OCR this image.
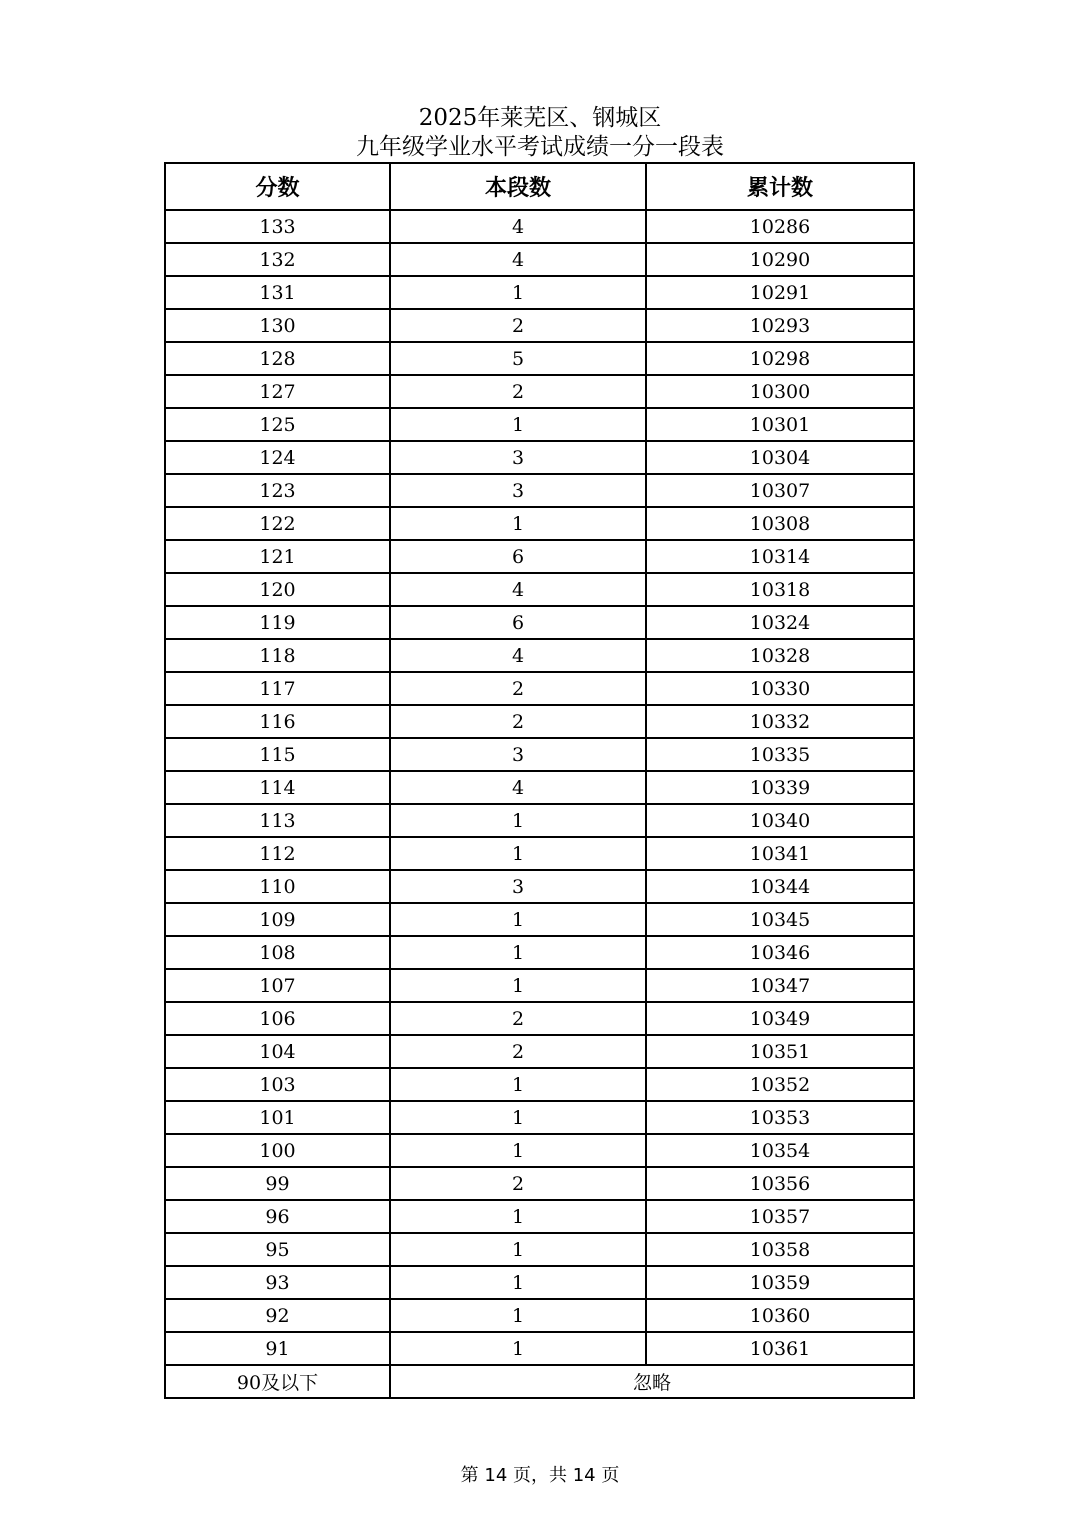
2025年莱芜区、钢城区
九年级学业水平考试成绩一分一段表
分数	本段数	累计数
133	4	10286
132	4	10290
131	1	10291
130	2	10293
128	5	10298
127	2	10300
125	1	10301
124	3	10304
123	3	10307
122	1	10308
121	6	10314
120	4	10318
119	6	10324
118	4	10328
117	2	10330
116	2	10332
115	3	10335
114	4	10339
113	1	10340
112	1	10341
110	3	10344
109	1	10345
108	1	10346
107	1	10347
106	2	10349
104	2	10351
103	1	10352
101	1	10353
100	1	10354
99	2	10356
96	1	10357
95	1	10358
93	1	10359
92	1	10360
91	1	10361
90及以下	忽略	
第 14 页，共 14 页
